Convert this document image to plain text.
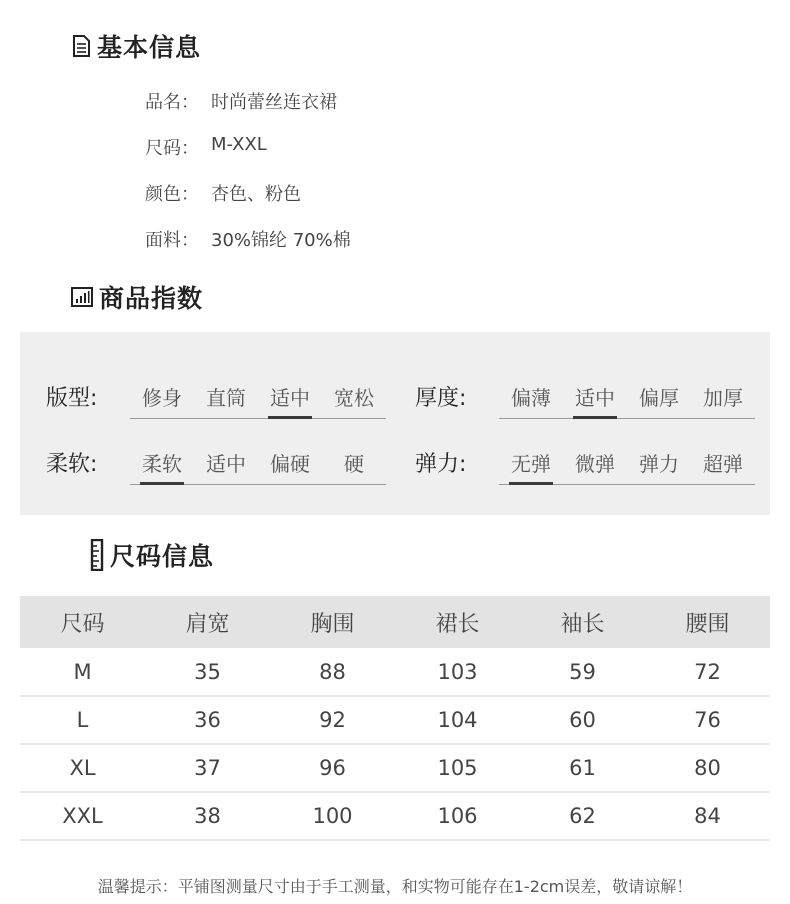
基本信息
品名： 时尚蕾丝连衣裙
尺码： M-XXL
颜色： 杏色、粉色
面料： 30%锦纶 70%棉
商品指数
版型:	修身	直筒	适中	宽松	厚度:	偏薄	适中	偏厚	加厚
柔软:	柔软	适中	偏硬	硬	弹力:	无弹	微弹	弹力	超弹
尺码信息
尺码	肩宽	胸围	裙长	袖长	腰围
M	35	88	103	59	72
L	36	92	104	60	76
XL	37	96	105	61	80
XXL	38	100	106	62	84
温馨提示：平铺图测量尺寸由于手工测量，和实物可能存在1-2cm误差，敬请谅解！
